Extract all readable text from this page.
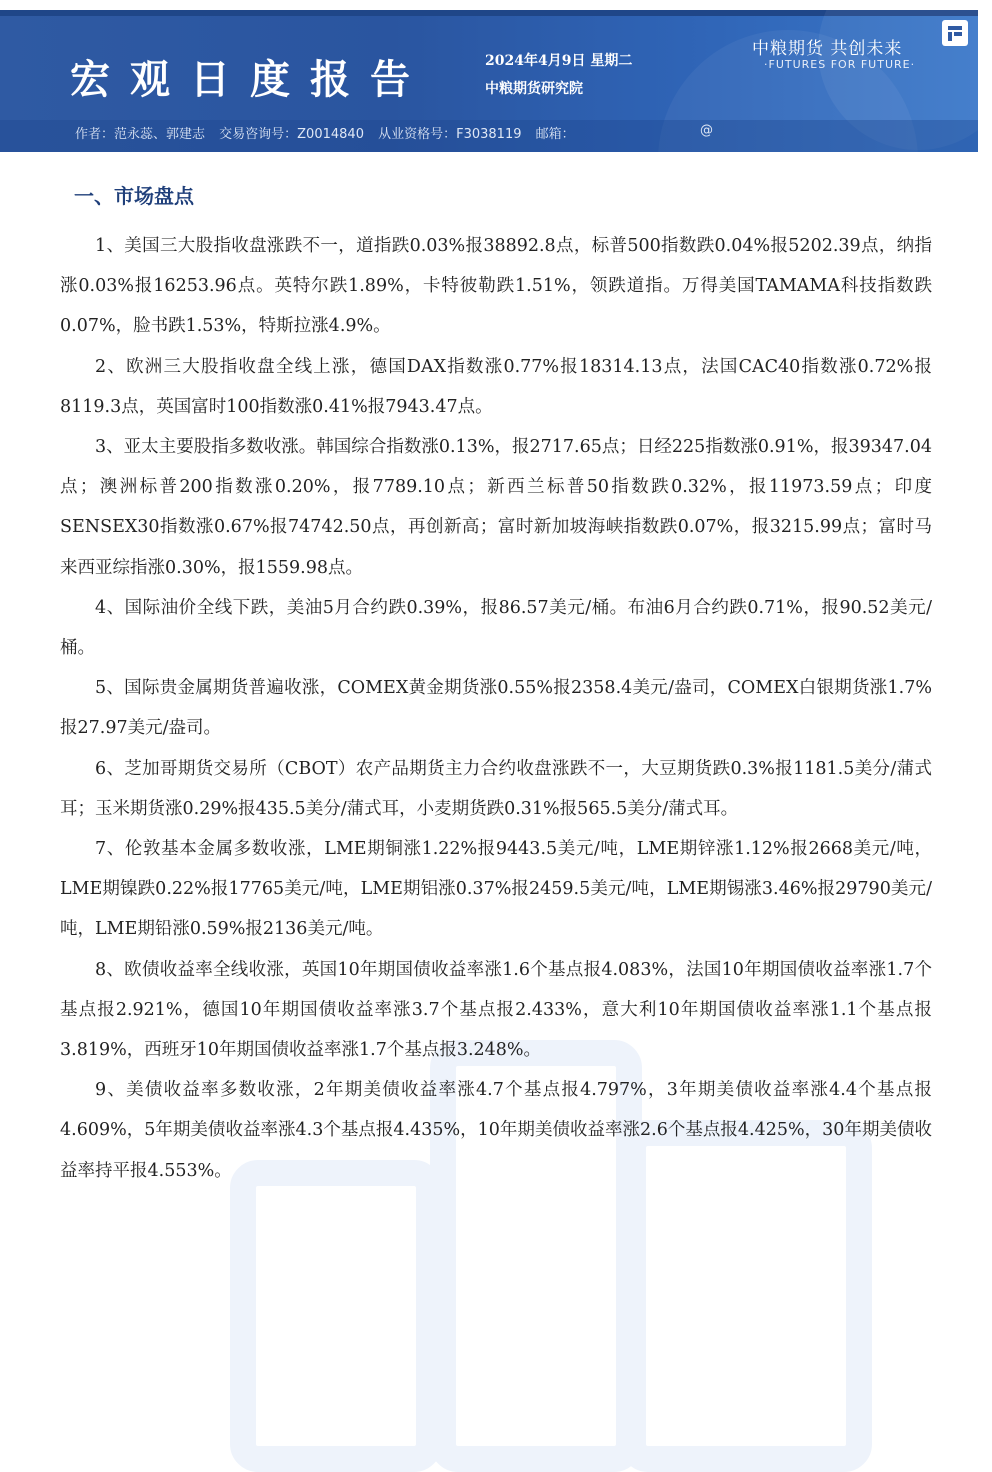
宏观日度报告	2024年4月9日 星期二
中粮期货研究院
中粮期货 共创未来
·FUTURES FOR FUTURE·
作者：范永蕊、郭建志 交易咨询号：Z0014840 从业资格号：F3038119 邮箱：	@
一、市场盘点

1、美国三大股指收盘涨跌不一，道指跌0.03%报38892.8点，标普500指数跌0.04%报5202.39点，纳指涨0.03%报16253.96点。英特尔跌1.89%，卡特彼勒跌1.51%，领跌道指。万得美国TAMAMA科技指数跌0.07%，脸书跌1.53%，特斯拉涨4.9%。

2、欧洲三大股指收盘全线上涨，德国DAX指数涨0.77%报18314.13点，法国CAC40指数涨0.72%报8119.3点，英国富时100指数涨0.41%报7943.47点。

3、亚太主要股指多数收涨。韩国综合指数涨0.13%，报2717.65点；日经225指数涨0.91%，报39347.04点；澳洲标普200指数涨0.20%，报7789.10点；新西兰标普50指数跌0.32%，报11973.59点；印度SENSEX30指数涨0.67%报74742.50点，再创新高；富时新加坡海峡指数跌0.07%，报3215.99点；富时马来西亚综指涨0.30%，报1559.98点。

4、国际油价全线下跌，美油5月合约跌0.39%，报86.57美元/桶。布油6月合约跌0.71%，报90.52美元/桶。

5、国际贵金属期货普遍收涨，COMEX黄金期货涨0.55%报2358.4美元/盎司，COMEX白银期货涨1.7%报27.97美元/盎司。

6、芝加哥期货交易所（CBOT）农产品期货主力合约收盘涨跌不一，大豆期货跌0.3%报1181.5美分/蒲式耳；玉米期货涨0.29%报435.5美分/蒲式耳，小麦期货跌0.31%报565.5美分/蒲式耳。

7、伦敦基本金属多数收涨，LME期铜涨1.22%报9443.5美元/吨，LME期锌涨1.12%报2668美元/吨，LME期镍跌0.22%报17765美元/吨，LME期铝涨0.37%报2459.5美元/吨，LME期锡涨3.46%报29790美元/吨，LME期铅涨0.59%报2136美元/吨。

8、欧债收益率全线收涨，英国10年期国债收益率涨1.6个基点报4.083%，法国10年期国债收益率涨1.7个基点报2.921%，德国10年期国债收益率涨3.7个基点报2.433%，意大利10年期国债收益率涨1.1个基点报3.819%，西班牙10年期国债收益率涨1.7个基点报3.248%。

9、美债收益率多数收涨，2年期美债收益率涨4.7个基点报4.797%，3年期美债收益率涨4.4个基点报4.609%，5年期美债收益率涨4.3个基点报4.435%，10年期美债收益率涨2.6个基点报4.425%，30年期美债收益率持平报4.553%。
